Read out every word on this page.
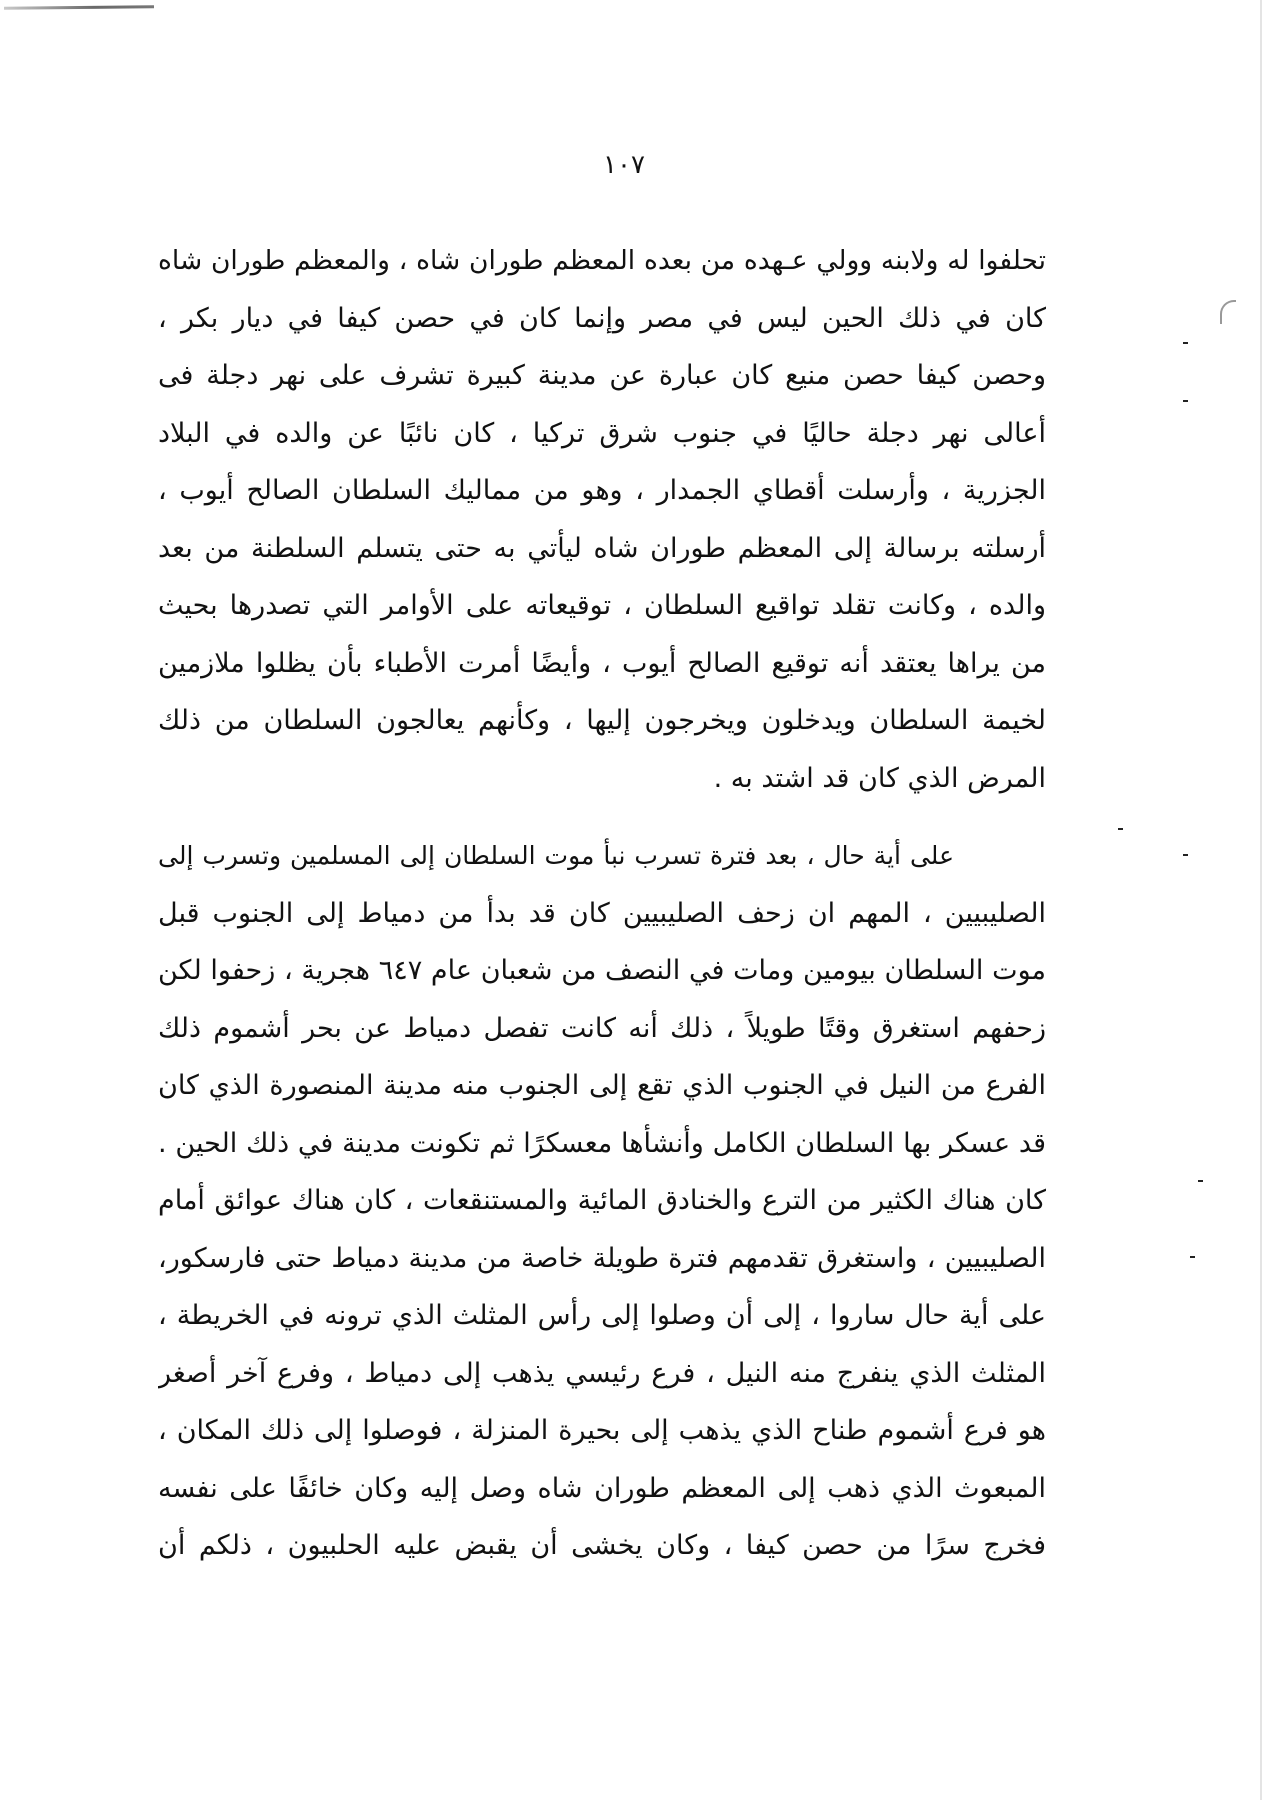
١٠٧
تحلفوا له ولابنه وولي عـهده من بعده المعظم طوران شاه ، والمعظم طوران شاه
كان في ذلك الحين ليس في مصر وإنما كان في حصن كيفا في ديار بكر ،
وحصن كيفا حصن منيع كان عبارة عن مدينة كبيرة تشرف على نهر دجلة فى
أعالى نهر دجلة حاليًا في جنوب شرق تركيا ، كان نائبًا عن والده في البلاد
الجزرية ، وأرسلت أقطاي الجمدار ، وهو من مماليك السلطان الصالح أيوب ،
أرسلته برسالة إلى المعظم طوران شاه ليأتي به حتى يتسلم السلطنة من بعد
والده ، وكانت تقلد تواقيع السلطان ، توقيعاته على الأوامر التي تصدرها بحيث
من يراها يعتقد أنه توقيع الصالح أيوب ، وأيضًا أمرت الأطباء بأن يظلوا ملازمين
لخيمة السلطان ويدخلون ويخرجون إليها ، وكأنهم يعالجون السلطان من ذلك
المرض الذي كان قد اشتد به .
على أية حال ، بعد فترة تسرب نبأ موت السلطان إلى المسلمين وتسرب إلى
الصليبيين ، المهم ان زحف الصليبيين كان قد بدأ من دمياط إلى الجنوب قبل
موت السلطان بيومين ومات في النصف من شعبان عام ٦٤٧ هجرية ، زحفوا لكن
زحفهم استغرق وقتًا طويلاً ، ذلك أنه كانت تفصل دمياط عن بحر أشموم ذلك
الفرع من النيل في الجنوب الذي تقع إلى الجنوب منه مدينة المنصورة الذي كان
قد عسكر بها السلطان الكامل وأنشأها معسكرًا ثم تكونت مدينة في ذلك الحين .
كان هناك الكثير من الترع والخنادق المائية والمستنقعات ، كان هناك عوائق أمام
الصليبيين ، واستغرق تقدمهم فترة طويلة خاصة من مدينة دمياط حتى فارسكور،
على أية حال ساروا ، إلى أن وصلوا إلى رأس المثلث الذي ترونه في الخريطة ،
المثلث الذي ينفرج منه النيل ، فرع رئيسي يذهب إلى دمياط ، وفرع آخر أصغر
هو فرع أشموم طناح الذي يذهب إلى بحيرة المنزلة ، فوصلوا إلى ذلك المكان ،
المبعوث الذي ذهب إلى المعظم طوران شاه وصل إليه وكان خائفًا على نفسه
فخرج سرًا من حصن كيفا ، وكان يخشى أن يقبض عليه الحلبيون ، ذلكم أن
